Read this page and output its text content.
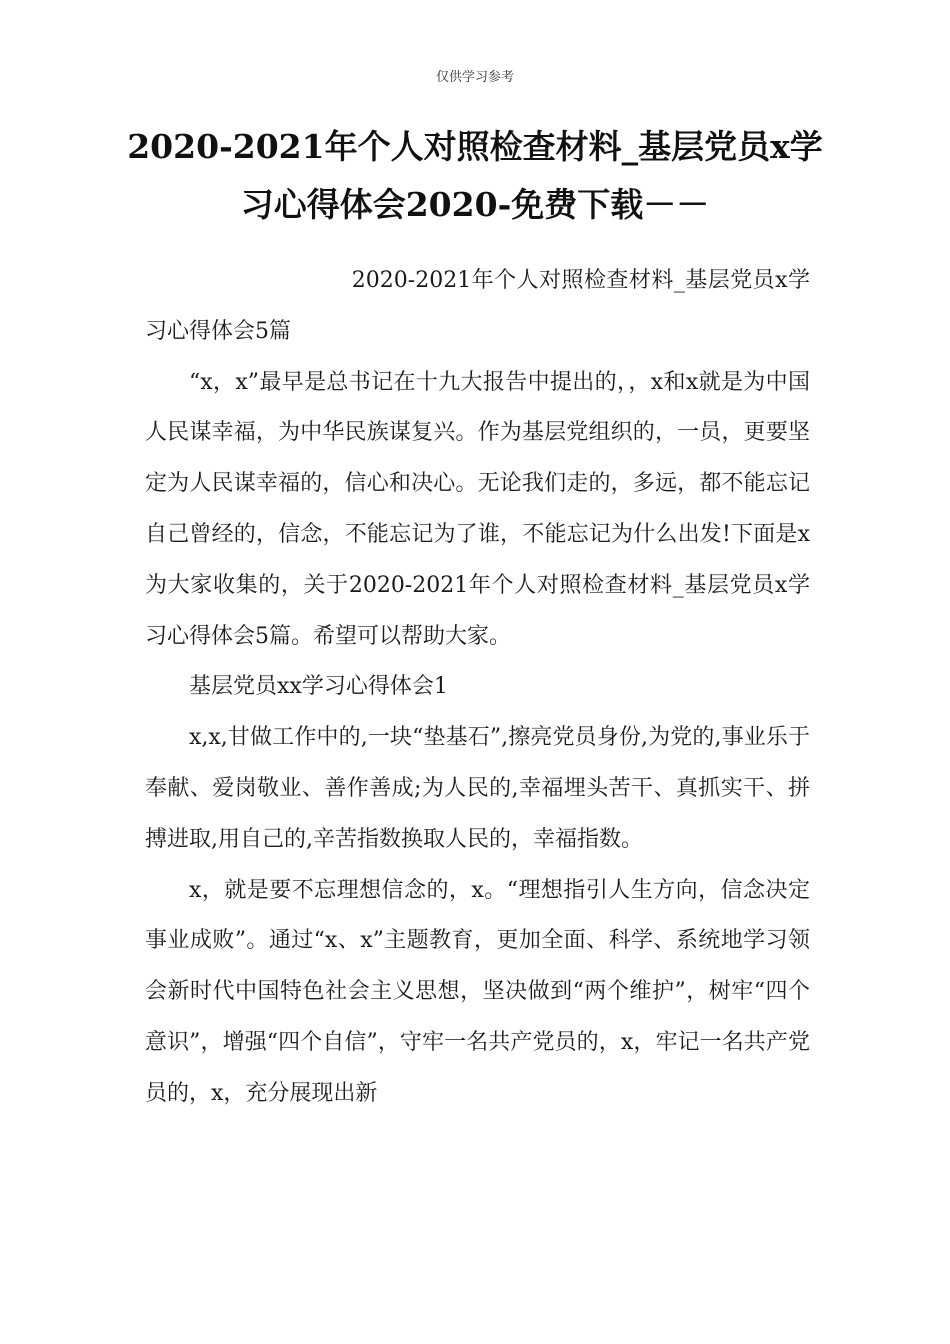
仅供学习参考
2020-2021年个人对照检查材料_基层党员x学习心得体会2020-免费下载－－

2020-2021年个人对照检查材料_基层党员x学习心得体会5篇

“x，x”最早是总书记在十九大报告中提出的，，x和x就是为中国人民谋幸福，为中华民族谋复兴。作为基层党组织的，一员，更要坚定为人民谋幸福的，信心和决心。无论我们走的，多远，都不能忘记自己曾经的，信念，不能忘记为了谁，不能忘记为什么出发!下面是x为大家收集的，关于2020-2021年个人对照检查材料_基层党员x学习心得体会5篇。希望可以帮助大家。

基层党员xx学习心得体会1

x,x,甘做工作中的,一块“垫基石”,擦亮党员身份,为党的,事业乐于奉献、爱岗敬业、善作善成;为人民的,幸福埋头苦干、真抓实干、拼搏进取,用自己的,辛苦指数换取人民的，幸福指数。

x，就是要不忘理想信念的，x。“理想指引人生方向，信念决定事业成败”。通过“x、x”主题教育，更加全面、科学、系统地学习领会新时代中国特色社会主义思想，坚决做到“两个维护”，树牢“四个意识”，增强“四个自信”，守牢一名共产党员的，x，牢记一名共产党员的，x，充分展现出新
